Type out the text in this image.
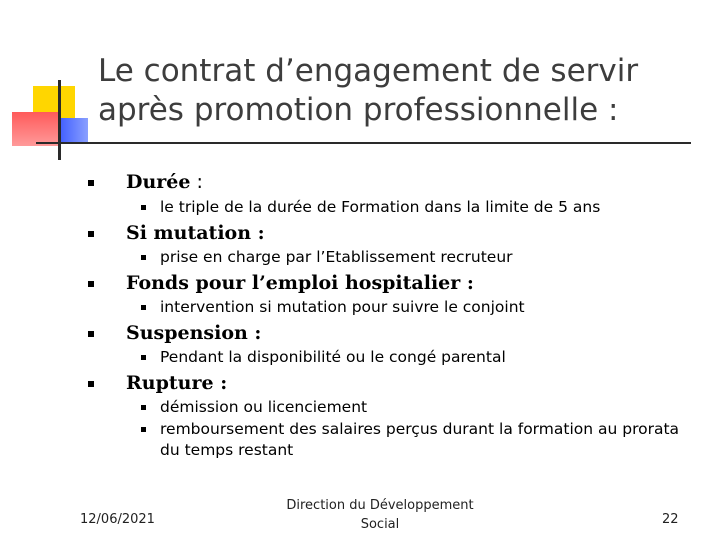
Le contrat d’engagement de servir
après promotion professionnelle :
Durée :
le triple de la durée de Formation dans la limite de 5 ans
Si mutation :
prise en charge par l’Etablissement recruteur
Fonds pour l’emploi hospitalier :
intervention si mutation pour suivre le conjoint
Suspension :
Pendant la disponibilité ou le congé parental
Rupture :
démission ou licenciement
remboursement des salaires perçus durant la formation au prorata
du temps restant
12/06/2021
Direction du Développement
Social	22
